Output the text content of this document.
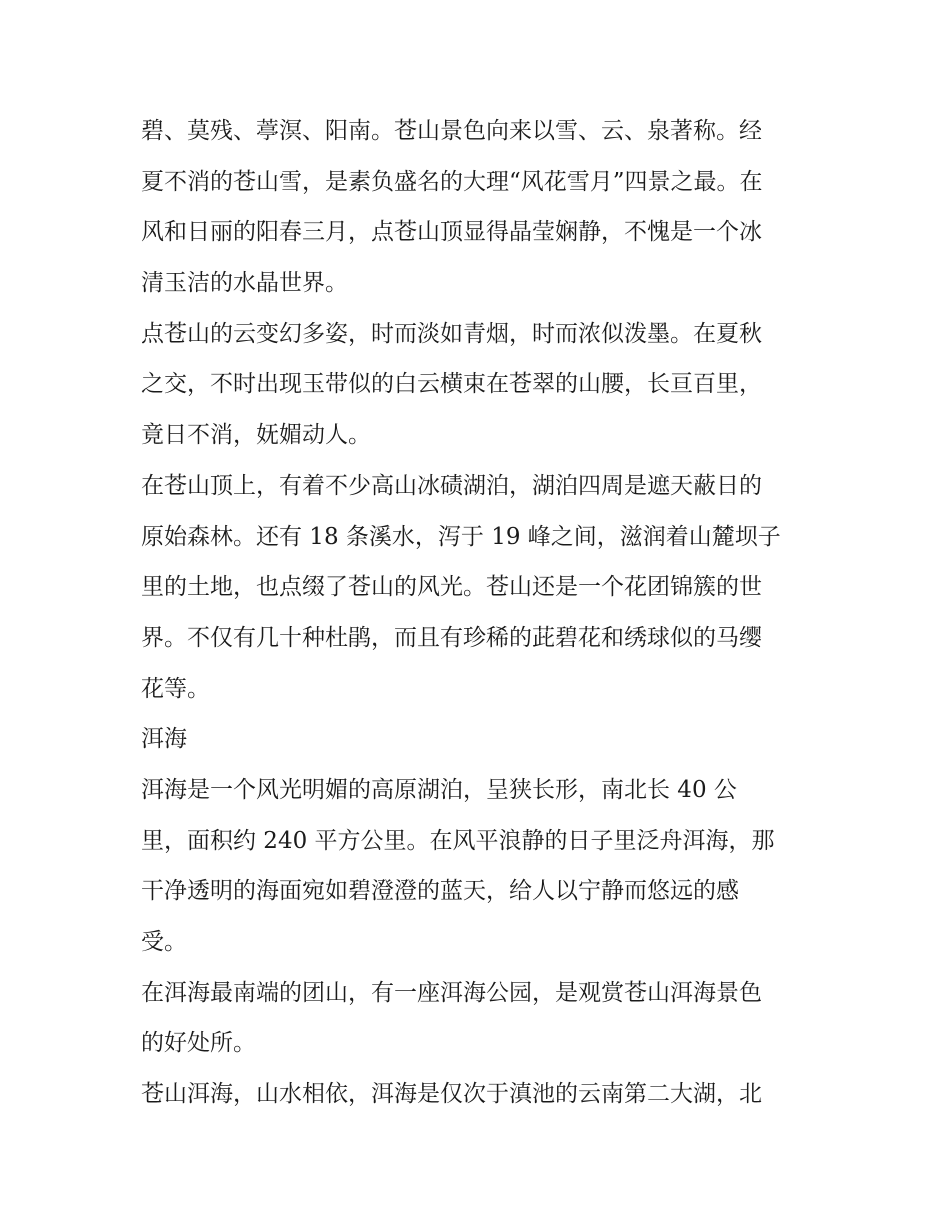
碧、莫残、葶溟、阳南。苍山景色向来以雪、云、泉著称。经
夏不消的苍山雪，是素负盛名的大理“风花雪月”四景之最。在
风和日丽的阳春三月，点苍山顶显得晶莹娴静，不愧是一个冰
清玉洁的水晶世界。
点苍山的云变幻多姿，时而淡如青烟，时而浓似泼墨。在夏秋
之交，不时出现玉带似的白云横束在苍翠的山腰，长亘百里，
竟日不消，妩媚动人。
在苍山顶上，有着不少高山冰碛湖泊，湖泊四周是遮天蔽日的
原始森林。还有 18 条溪水，泻于 19 峰之间，滋润着山麓坝子
里的土地，也点缀了苍山的风光。苍山还是一个花团锦簇的世
界。不仅有几十种杜鹃，而且有珍稀的茈碧花和绣球似的马缨
花等。
洱海
洱海是一个风光明媚的高原湖泊，呈狭长形，南北长 40 公
里，面积约 240 平方公里。在风平浪静的日子里泛舟洱海，那
干净透明的海面宛如碧澄澄的蓝天，给人以宁静而悠远的感
受。
在洱海最南端的团山，有一座洱海公园，是观赏苍山洱海景色
的好处所。
苍山洱海，山水相依，洱海是仅次于滇池的云南第二大湖，北
